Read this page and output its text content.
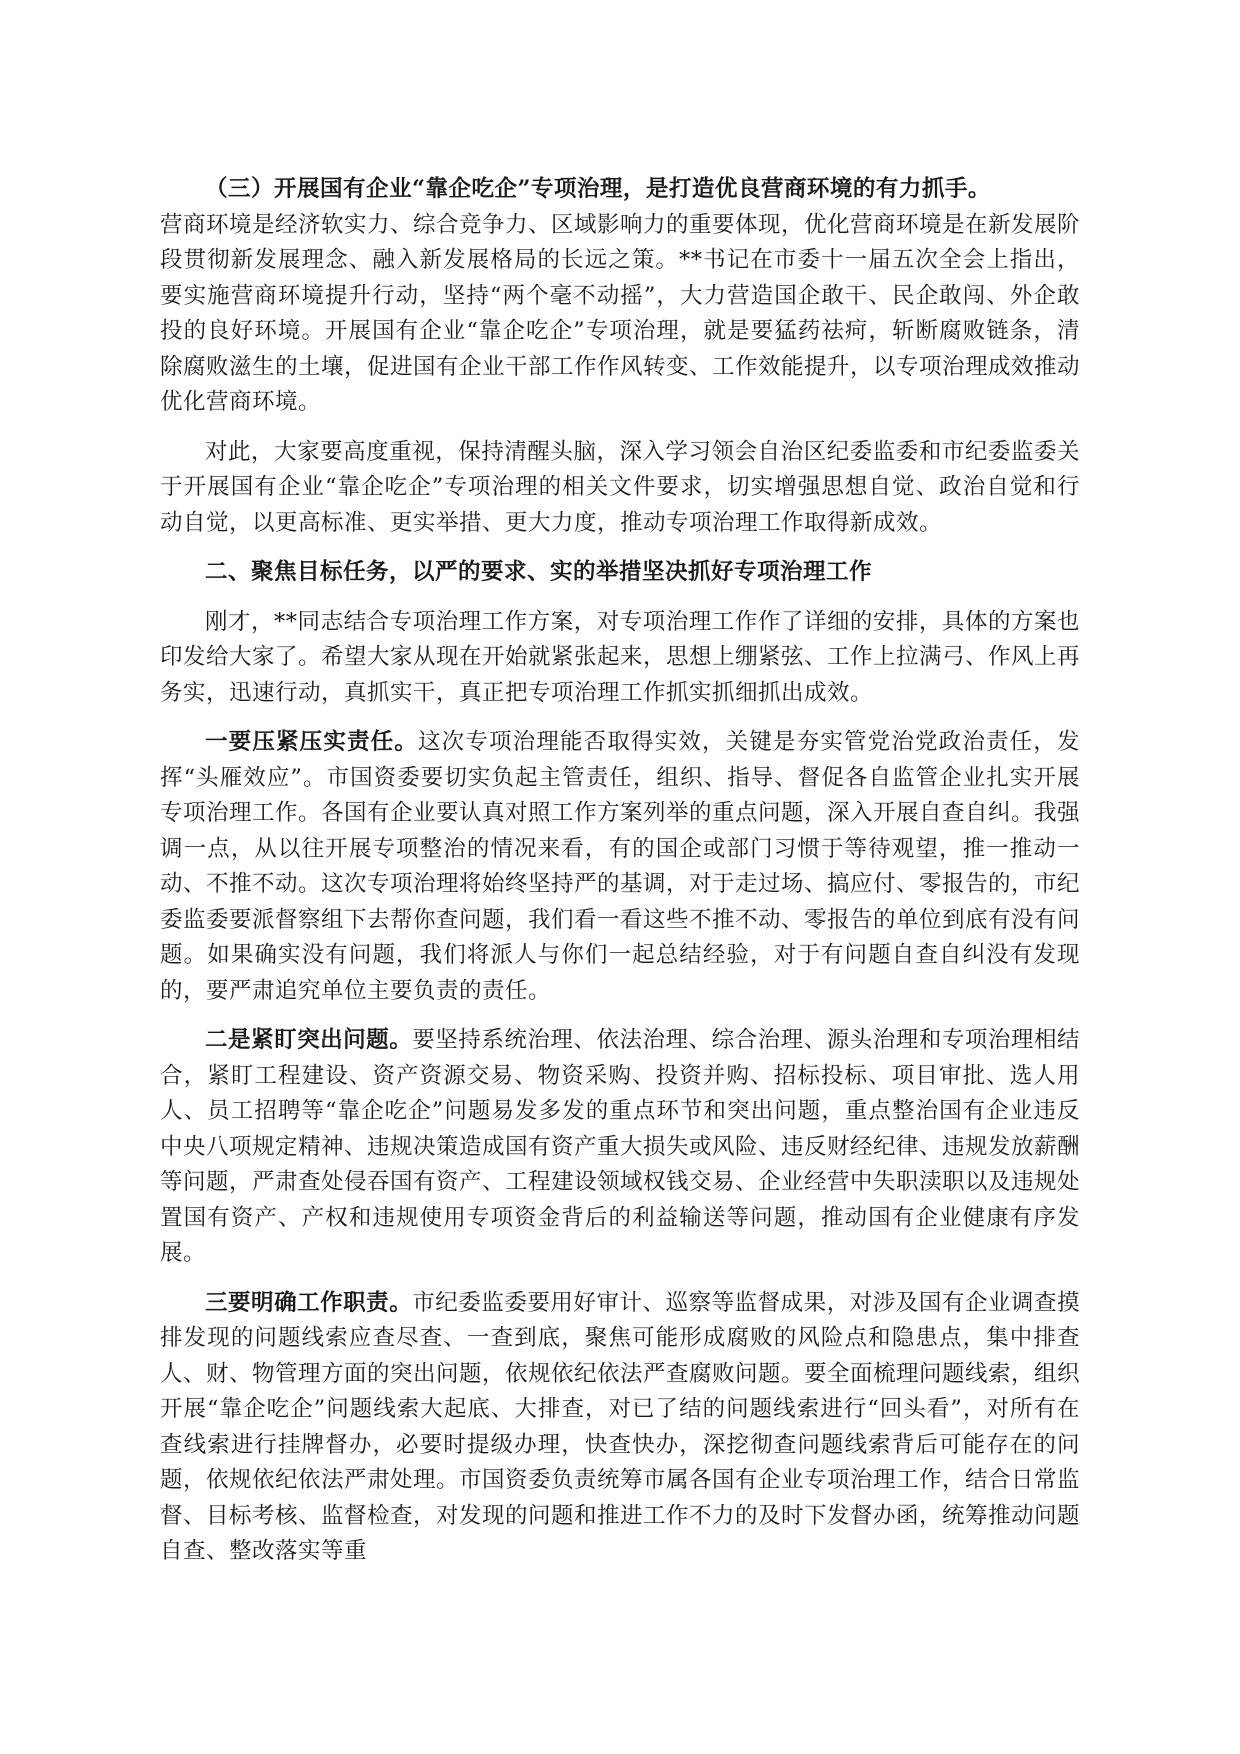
（三）开展国有企业“靠企吃企”专项治理，是打造优良营商环境的有力抓手。

营商环境是经济软实力、综合竞争力、区域影响力的重要体现，优化营商环境是在新发展阶段贯彻新发展理念、融入新发展格局的长远之策。**书记在市委十一届五次全会上指出，要实施营商环境提升行动，坚持“两个毫不动摇”，大力营造国企敢干、民企敢闯、外企敢投的良好环境。开展国有企业“靠企吃企”专项治理，就是要猛药祛疴，斩断腐败链条，清除腐败滋生的土壤，促进国有企业干部工作作风转变、工作效能提升，以专项治理成效推动优化营商环境。

对此，大家要高度重视，保持清醒头脑，深入学习领会自治区纪委监委和市纪委监委关于开展国有企业“靠企吃企”专项治理的相关文件要求，切实增强思想自觉、政治自觉和行动自觉，以更高标准、更实举措、更大力度，推动专项治理工作取得新成效。

二、聚焦目标任务，以严的要求、实的举措坚决抓好专项治理工作

刚才，**同志结合专项治理工作方案，对专项治理工作作了详细的安排，具体的方案也印发给大家了。希望大家从现在开始就紧张起来，思想上绷紧弦、工作上拉满弓、作风上再务实，迅速行动，真抓实干，真正把专项治理工作抓实抓细抓出成效。

一要压紧压实责任。这次专项治理能否取得实效，关键是夯实管党治党政治责任，发挥“头雁效应”。市国资委要切实负起主管责任，组织、指导、督促各自监管企业扎实开展专项治理工作。各国有企业要认真对照工作方案列举的重点问题，深入开展自查自纠。我强调一点，从以往开展专项整治的情况来看，有的国企或部门习惯于等待观望，推一推动一动、不推不动。这次专项治理将始终坚持严的基调，对于走过场、搞应付、零报告的，市纪委监委要派督察组下去帮你查问题，我们看一看这些不推不动、零报告的单位到底有没有问题。如果确实没有问题，我们将派人与你们一起总结经验，对于有问题自查自纠没有发现的，要严肃追究单位主要负责的责任。

二是紧盯突出问题。要坚持系统治理、依法治理、综合治理、源头治理和专项治理相结合，紧盯工程建设、资产资源交易、物资采购、投资并购、招标投标、项目审批、选人用人、员工招聘等“靠企吃企”问题易发多发的重点环节和突出问题，重点整治国有企业违反中央八项规定精神、违规决策造成国有资产重大损失或风险、违反财经纪律、违规发放薪酬等问题，严肃查处侵吞国有资产、工程建设领域权钱交易、企业经营中失职渎职以及违规处置国有资产、产权和违规使用专项资金背后的利益输送等问题，推动国有企业健康有序发展。

三要明确工作职责。市纪委监委要用好审计、巡察等监督成果，对涉及国有企业调查摸排发现的问题线索应查尽查、一查到底，聚焦可能形成腐败的风险点和隐患点，集中排查人、财、物管理方面的突出问题，依规依纪依法严查腐败问题。要全面梳理问题线索，组织开展“靠企吃企”问题线索大起底、大排查，对已了结的问题线索进行“回头看”，对所有在查线索进行挂牌督办，必要时提级办理，快查快办，深挖彻查问题线索背后可能存在的问题，依规依纪依法严肃处理。市国资委负责统筹市属各国有企业专项治理工作，结合日常监督、目标考核、监督检查，对发现的问题和推进工作不力的及时下发督办函，统筹推动问题自查、整改落实等重
